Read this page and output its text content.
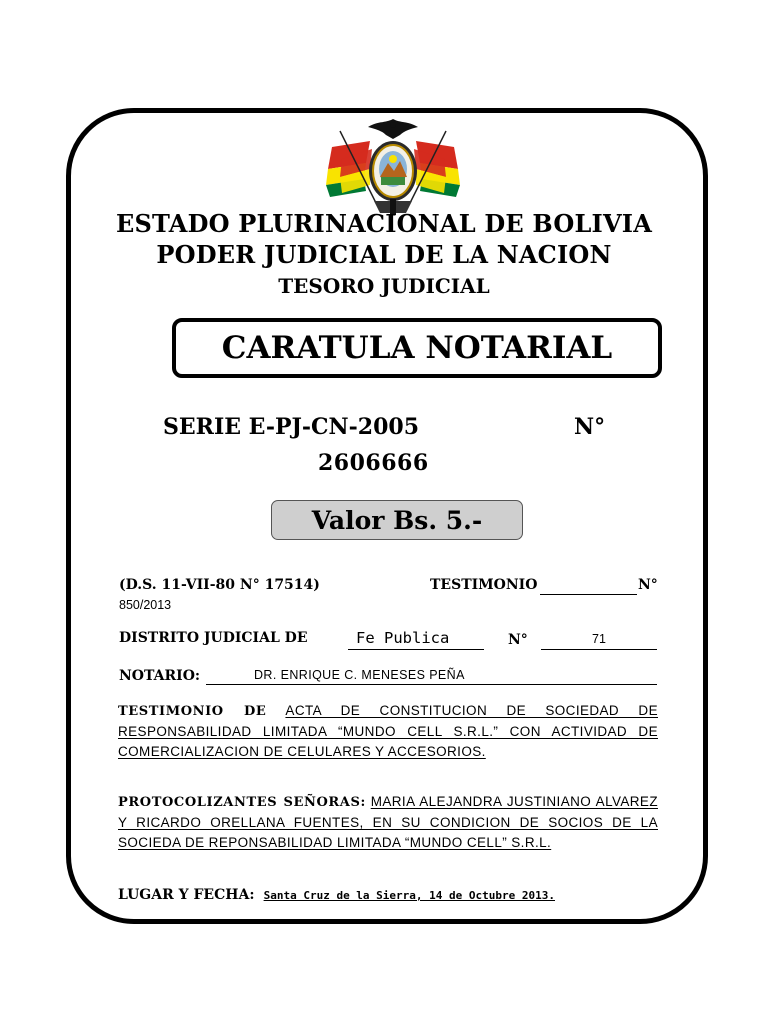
ESTADO PLURINACIONAL DE BOLIVIA
PODER JUDICIAL DE LA NACION
TESORO JUDICIAL
CARATULA NOTARIAL
SERIE E-PJ-CN-2005	N°
2606666
Valor Bs. 5.-
(D.S. 11-VII-80 N° 17514)	TESTIMONIO	N°
850/2013
DISTRITO JUDICIAL DE	Fe Publica	N°	71
NOTARIO:	DR. ENRIQUE C. MENESES PEÑA
TESTIMONIO DE ACTA DE CONSTITUCION DE SOCIEDAD DE RESPONSABILIDAD LIMITADA “MUNDO CELL S.R.L.” CON ACTIVIDAD DE COMERCIALIZACION DE CELULARES Y ACCESORIOS.
PROTOCOLIZANTES SEÑORAS: MARIA ALEJANDRA JUSTINIANO ALVAREZ Y RICARDO ORELLANA FUENTES, EN SU CONDICION DE SOCIOS DE LA SOCIEDA DE REPONSABILIDAD LIMITADA “MUNDO CELL” S.R.L.
LUGAR Y FECHA: Santa Cruz de la Sierra, 14 de Octubre 2013.
